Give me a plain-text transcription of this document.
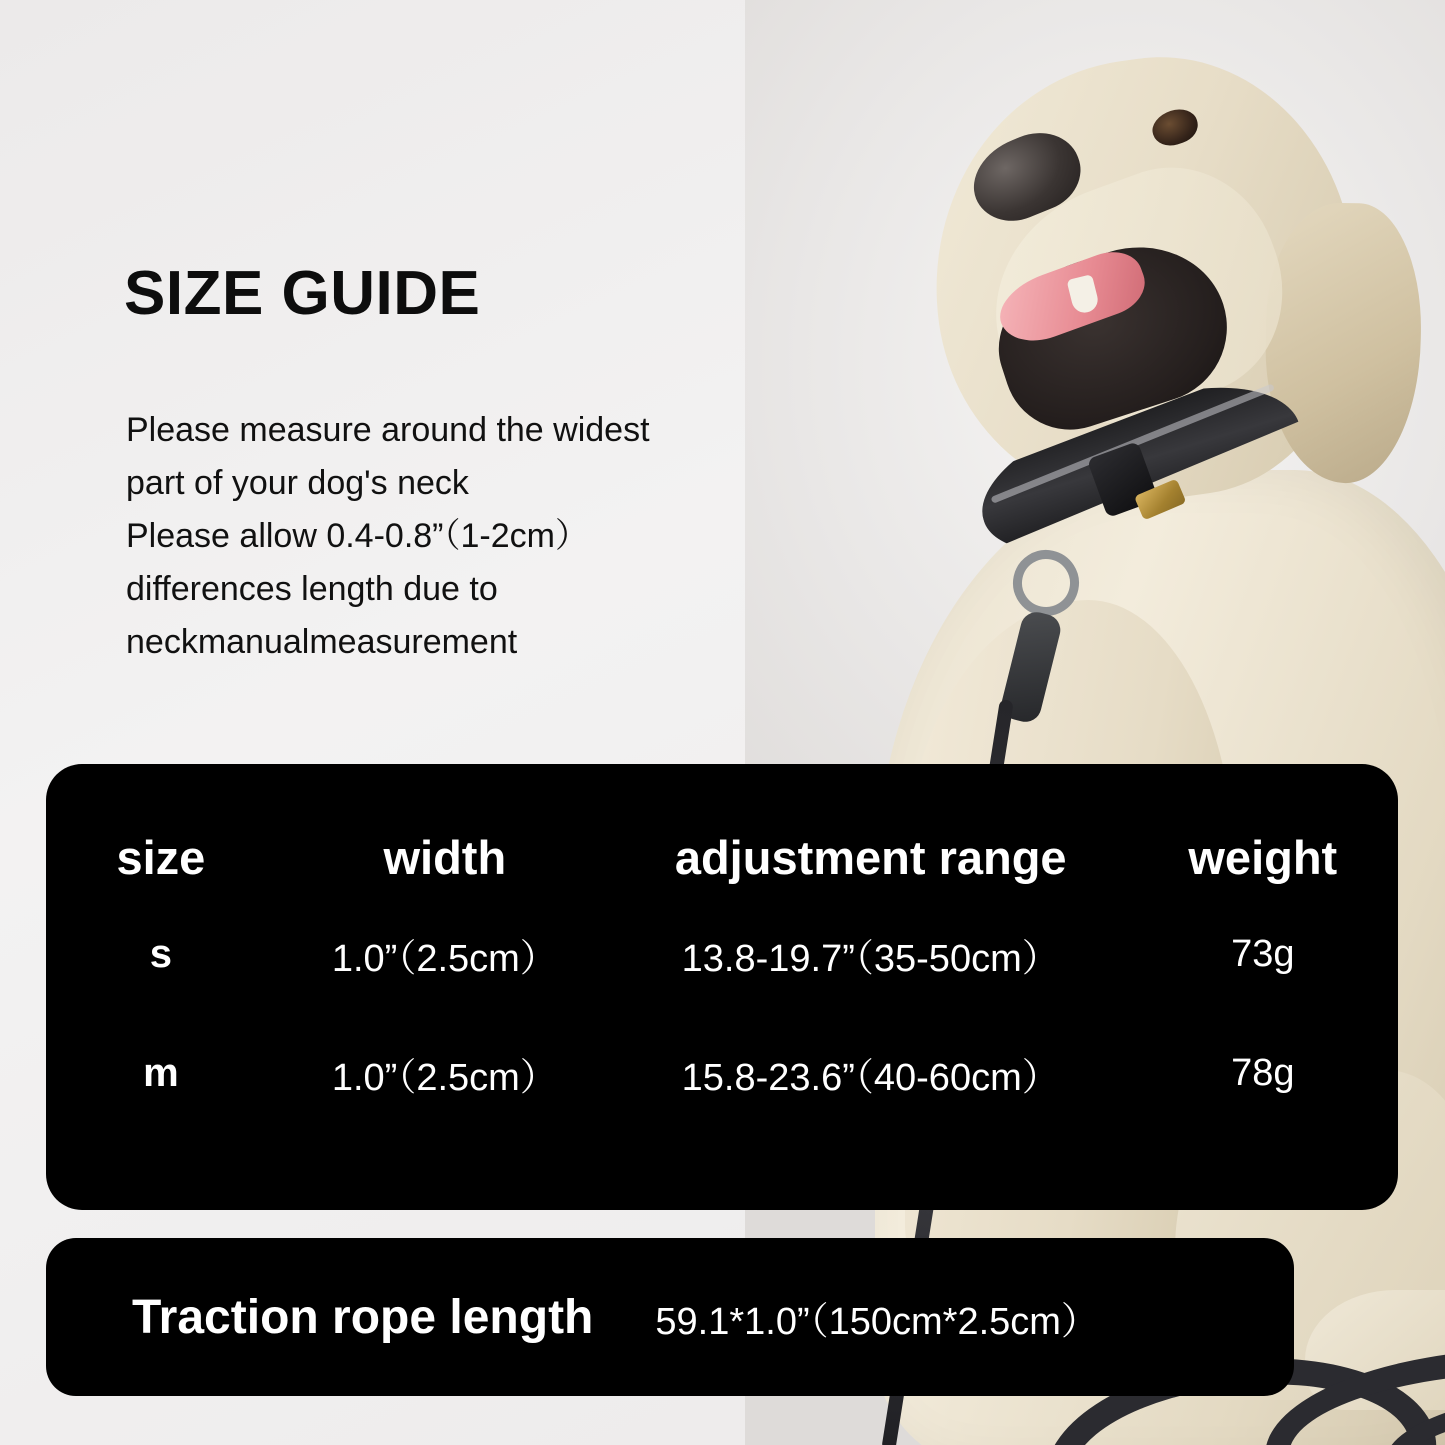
SIZE GUIDE

Please measure around the widest

part of your dog's neck

Please allow 0.4-0.8”（1-2cm）

differences length due to

neckmanualmeasurement

size	width	adjustment range	weight
s	1.0”（2.5cm）	13.8-19.7”（35-50cm）	73g
m	1.0”（2.5cm）	15.8-23.6”（40-60cm）	78g
Traction rope length 59.1*1.0”（150cm*2.5cm）
